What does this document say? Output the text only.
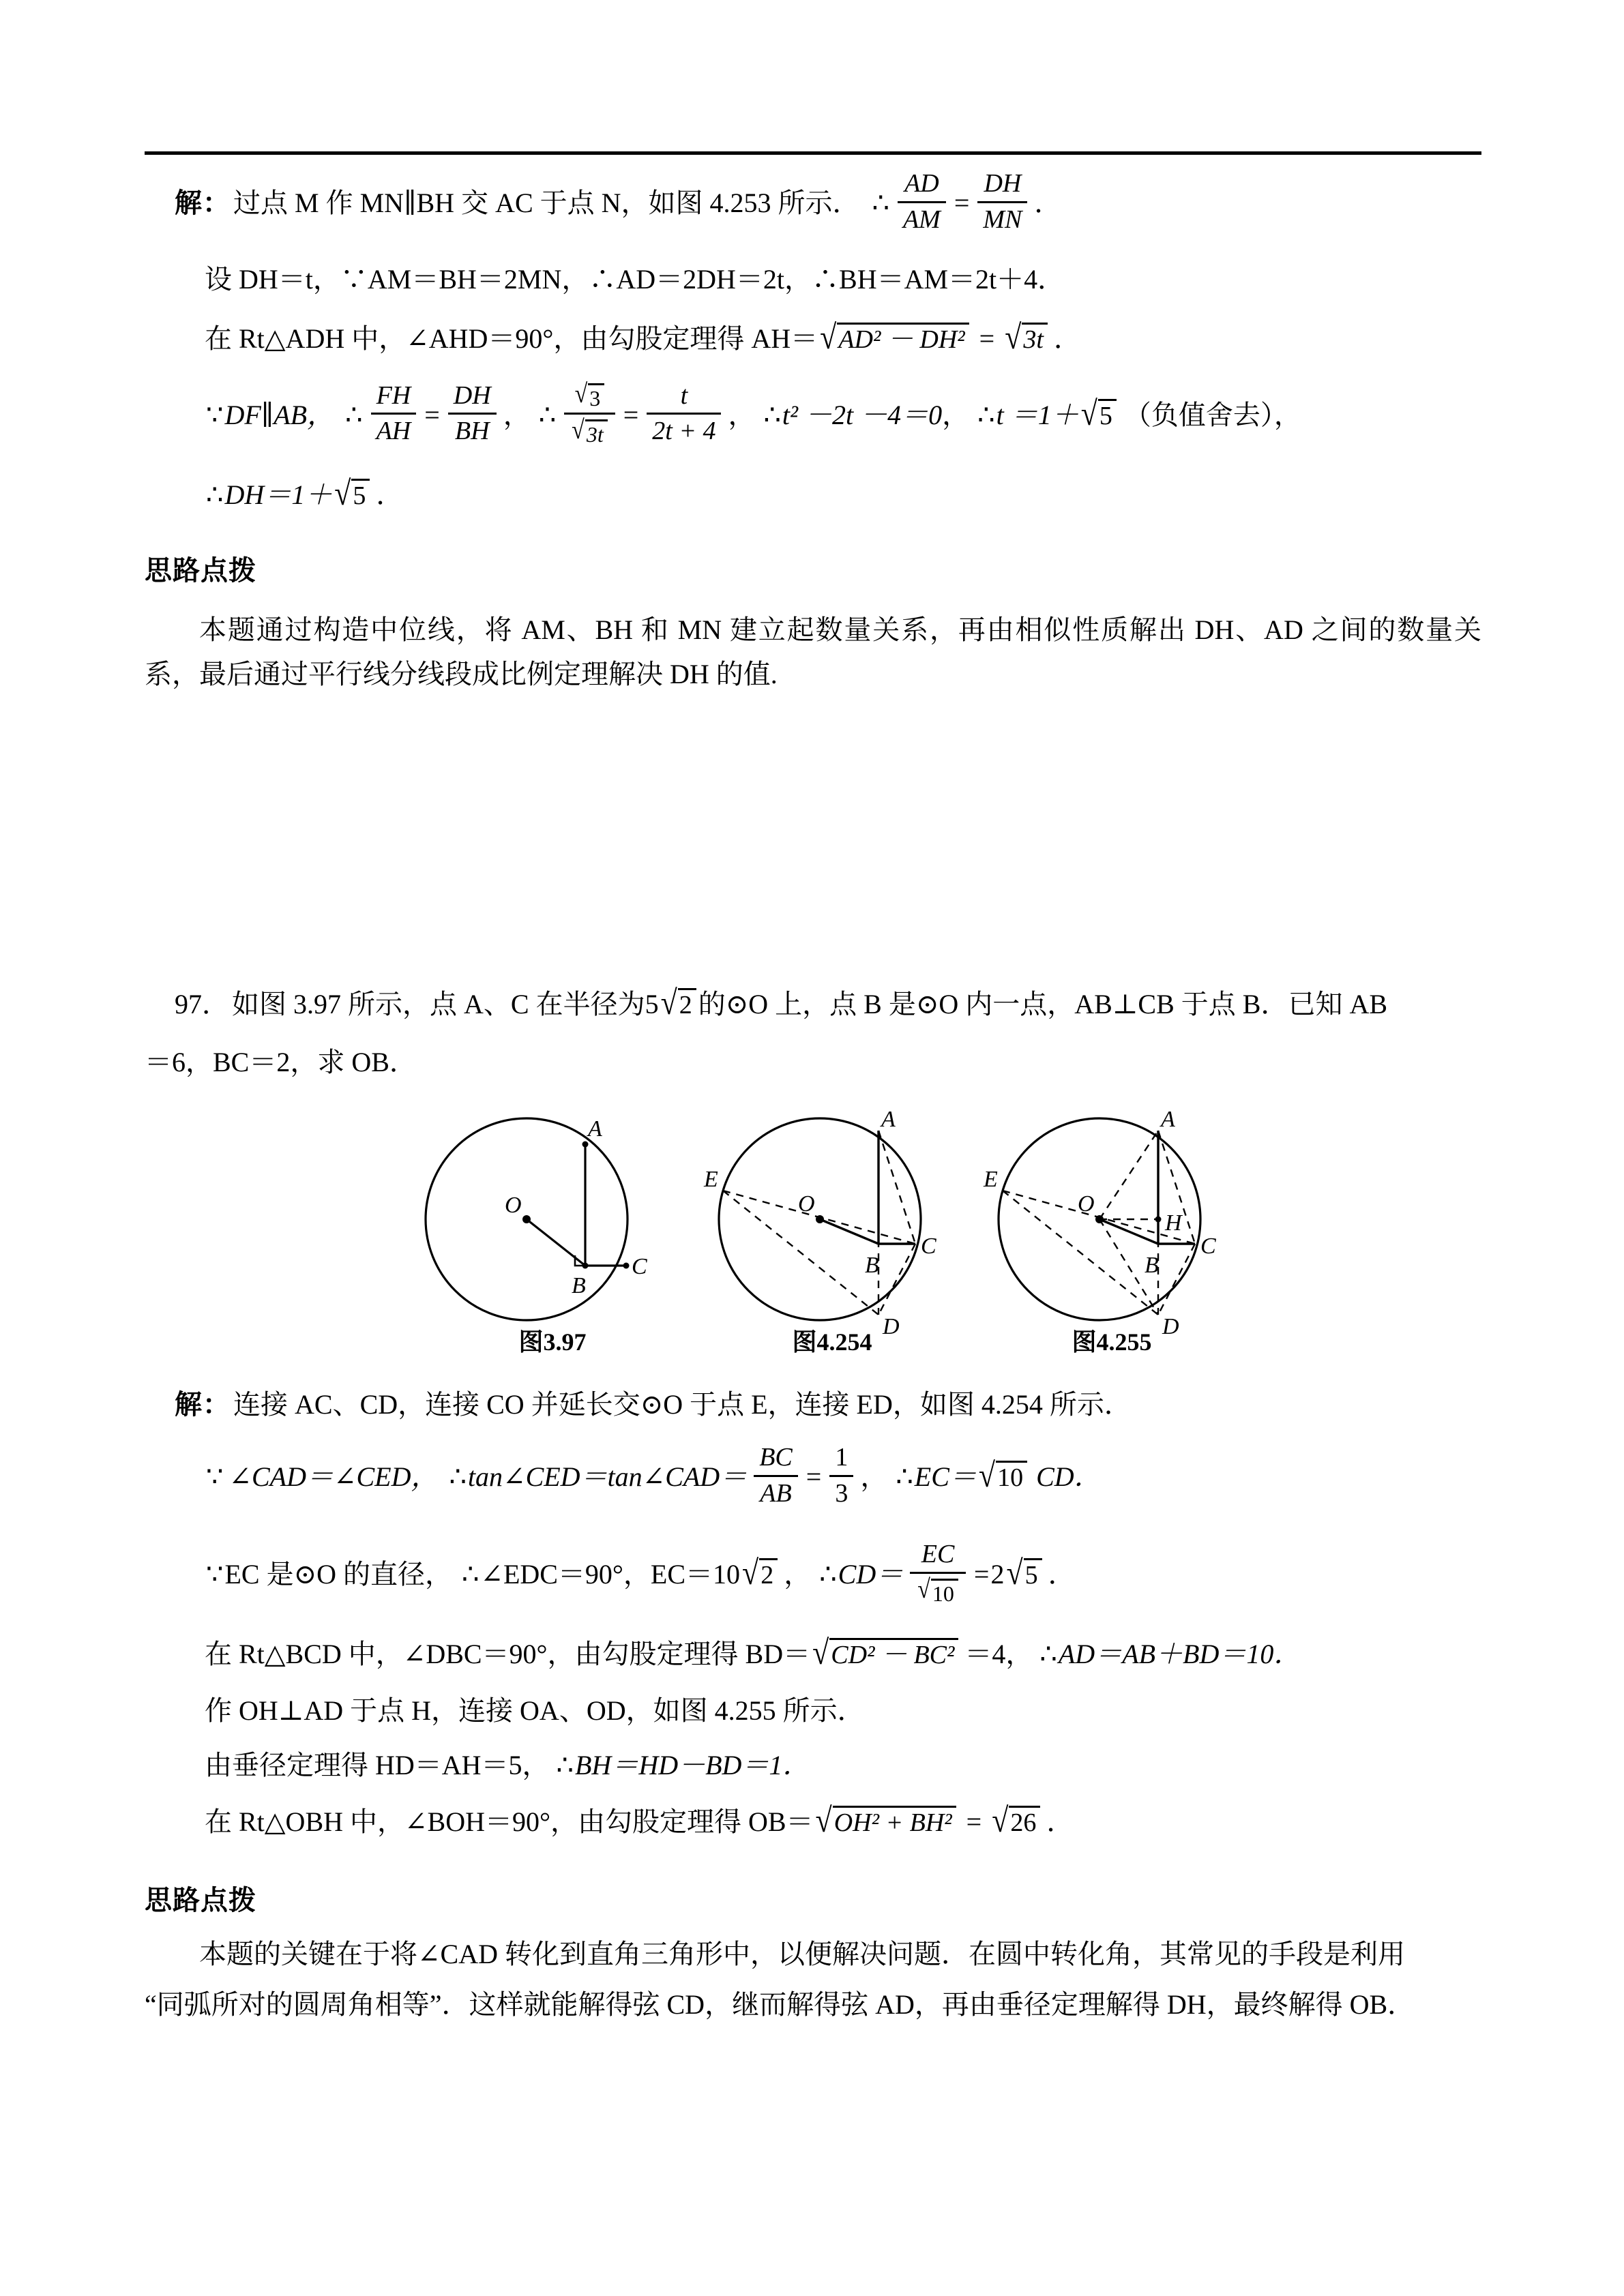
解： 过点 M 作 MN∥BH 交 AC 于点 N，如图 4.253 所示． ∴ $\frac{AD}{AM} = \frac{DH}{MN}$ ．
设 DH＝t，∵AM＝BH＝2MN，∴AD＝2DH＝2t，∴BH＝AM＝2t＋4．
在 Rt△ADH 中，∠AHD＝90°，由勾股定理得 AH＝ √ AD² － DH² = √ 3t ．
∵ DF∥AB， ∴ $\frac{FH}{AH} = \frac{DH}{BH}$ ， ∴ $\frac{√ 3}{√ 3t} = \frac{t}{2t + 4}$ ， ∴ t² －2t －4＝0 ， ∴ t ＝1＋ √ 5 （负值舍去），
∴ DH＝1＋ √ 5 ．
思路点拨
本题通过构造中位线，将 AM、BH 和 MN 建立起数量关系，再由相似性质解出 DH、AD 之间的数量关系，最后通过平行线分线段成比例定理解决 DH 的值.
97． 如图 3.97 所示，点 A、C 在半径为 5 √ 2 的⊙O 上，点 B 是⊙O 内一点，AB⊥CB 于点 B．已知 AB
＝6，BC＝2，求 OB．
A
O
B
C
图3.97
A
E
O
B
C
D
图4.254
A
E
O
H
B
C
D
图4.255
解： 连接 AC、CD，连接 CO 并延长交⊙O 于点 E，连接 ED，如图 4.254 所示．
∵ ∠CAD＝∠CED， ∴ tan∠CED＝tan∠CAD＝ $\frac{BC}{AB} = \frac{1}{3}$ ， ∴ EC＝ √ 10 CD．
∵ EC 是⊙O 的直径， ∴ ∠EDC＝90°，EC＝10 √ 2 ， ∴ $CD= \frac{EC}{√ 10} = 2$ √ 5 ．
在 Rt△BCD 中，∠DBC＝90°，由勾股定理得 BD＝ √ CD² － BC² ＝4， ∴ AD＝AB＋BD＝10．
作 OH⊥AD 于点 H，连接 OA、OD，如图 4.255 所示．
由垂径定理得 HD＝AH＝5， ∴ BH＝HD－BD＝1．
在 Rt△OBH 中，∠BOH＝90°，由勾股定理得 OB＝ √ OH² + BH² = √ 26 ．
思路点拨
本题的关键在于将∠CAD 转化到直角三角形中，以便解决问题．在圆中转化角，其常见的手段是利用
“同弧所对的圆周角相等”．这样就能解得弦 CD，继而解得弦 AD，再由垂径定理解得 DH，最终解得 OB．
